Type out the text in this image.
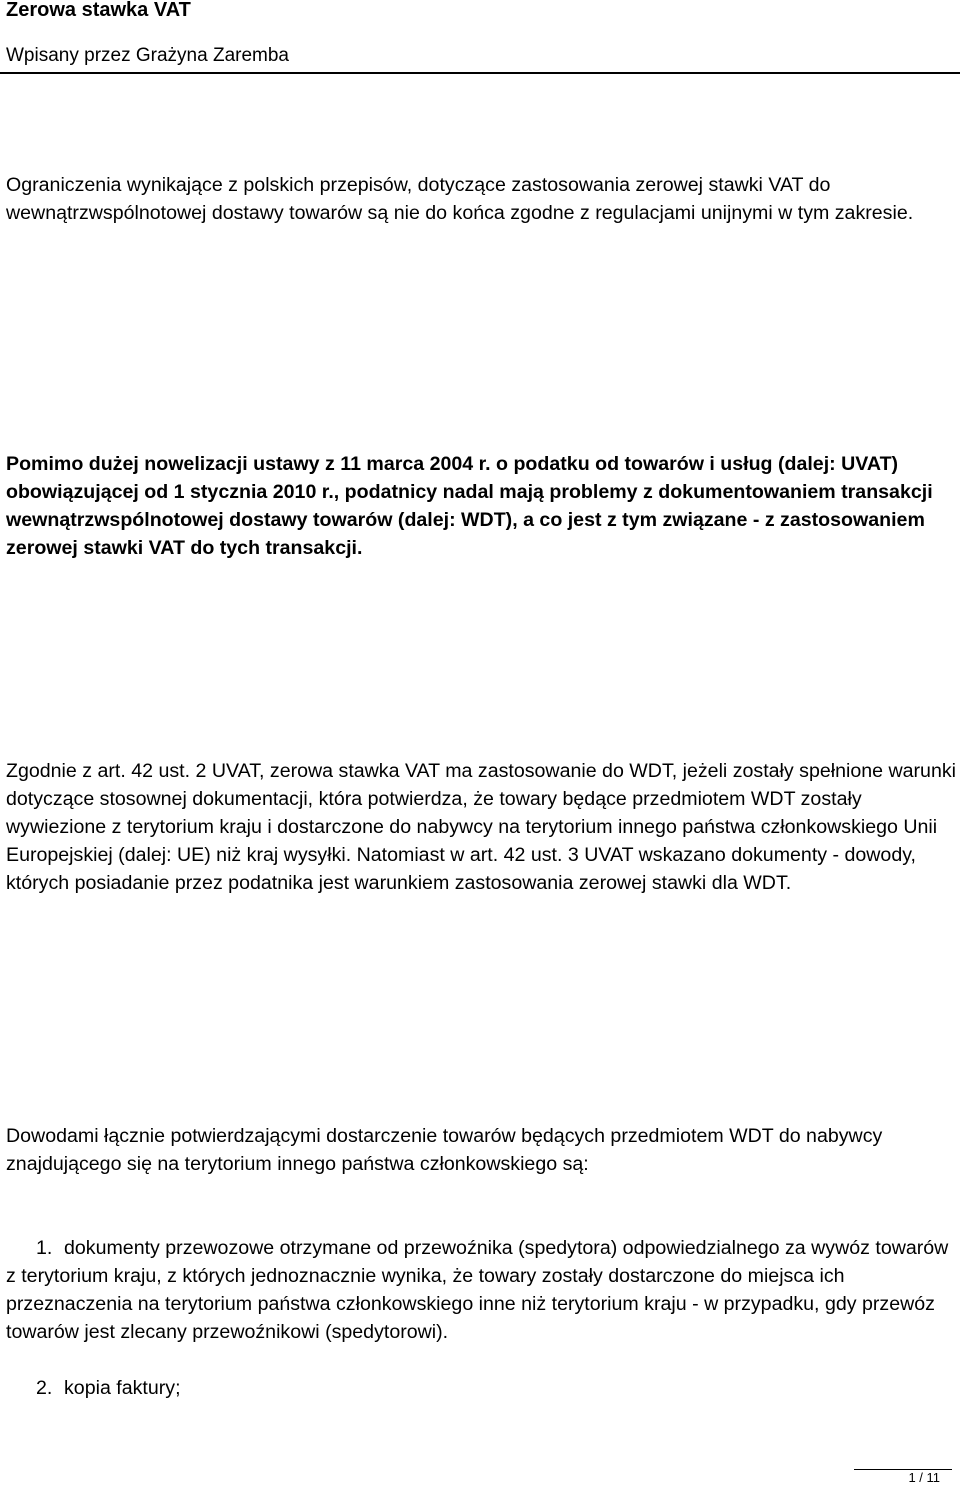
Zerowa stawka VAT
Wpisany przez Grażyna Zaremba

Ograniczenia wynikające z polskich przepisów, dotyczące zastosowania zerowej stawki VAT do wewnątrzwspólnotowej dostawy towarów są nie do końca zgodne z regulacjami unijnymi w tym zakresie.

Pomimo dużej nowelizacji ustawy z 11 marca 2004 r. o podatku od towarów i usług (dalej: UVAT) obowiązującej od 1 stycznia 2010 r., podatnicy nadal mają problemy z dokumentowaniem transakcji wewnątrzwspólnotowej dostawy towarów (dalej: WDT), a co jest z tym związane - z zastosowaniem zerowej stawki VAT do tych transakcji.

Zgodnie z art. 42 ust. 2 UVAT, zerowa stawka VAT ma zastosowanie do WDT, jeżeli zostały spełnione warunki dotyczące stosownej dokumentacji, która potwierdza, że towary będące przedmiotem WDT zostały wywiezione z terytorium kraju i dostarczone do nabywcy na terytorium innego państwa członkowskiego Unii Europejskiej (dalej: UE) niż kraj wysyłki. Natomiast w art. 42 ust. 3 UVAT wskazano dokumenty - dowody, których posiadanie przez podatnika jest warunkiem zastosowania zerowej stawki dla WDT.

Dowodami łącznie potwierdzającymi dostarczenie towarów będących przedmiotem WDT do nabywcy znajdującego się na terytorium innego państwa członkowskiego są:

1. dokumenty przewozowe otrzymane od przewoźnika (spedytora) odpowiedzialnego za wywóz towarów z terytorium kraju, z których jednoznacznie wynika, że towary zostały dostarczone do miejsca ich przeznaczenia na terytorium państwa członkowskiego inne niż terytorium kraju - w przypadku, gdy przewóz towarów jest zlecany przewoźnikowi (spedytorowi).
2. kopia faktury;
1 / 11
